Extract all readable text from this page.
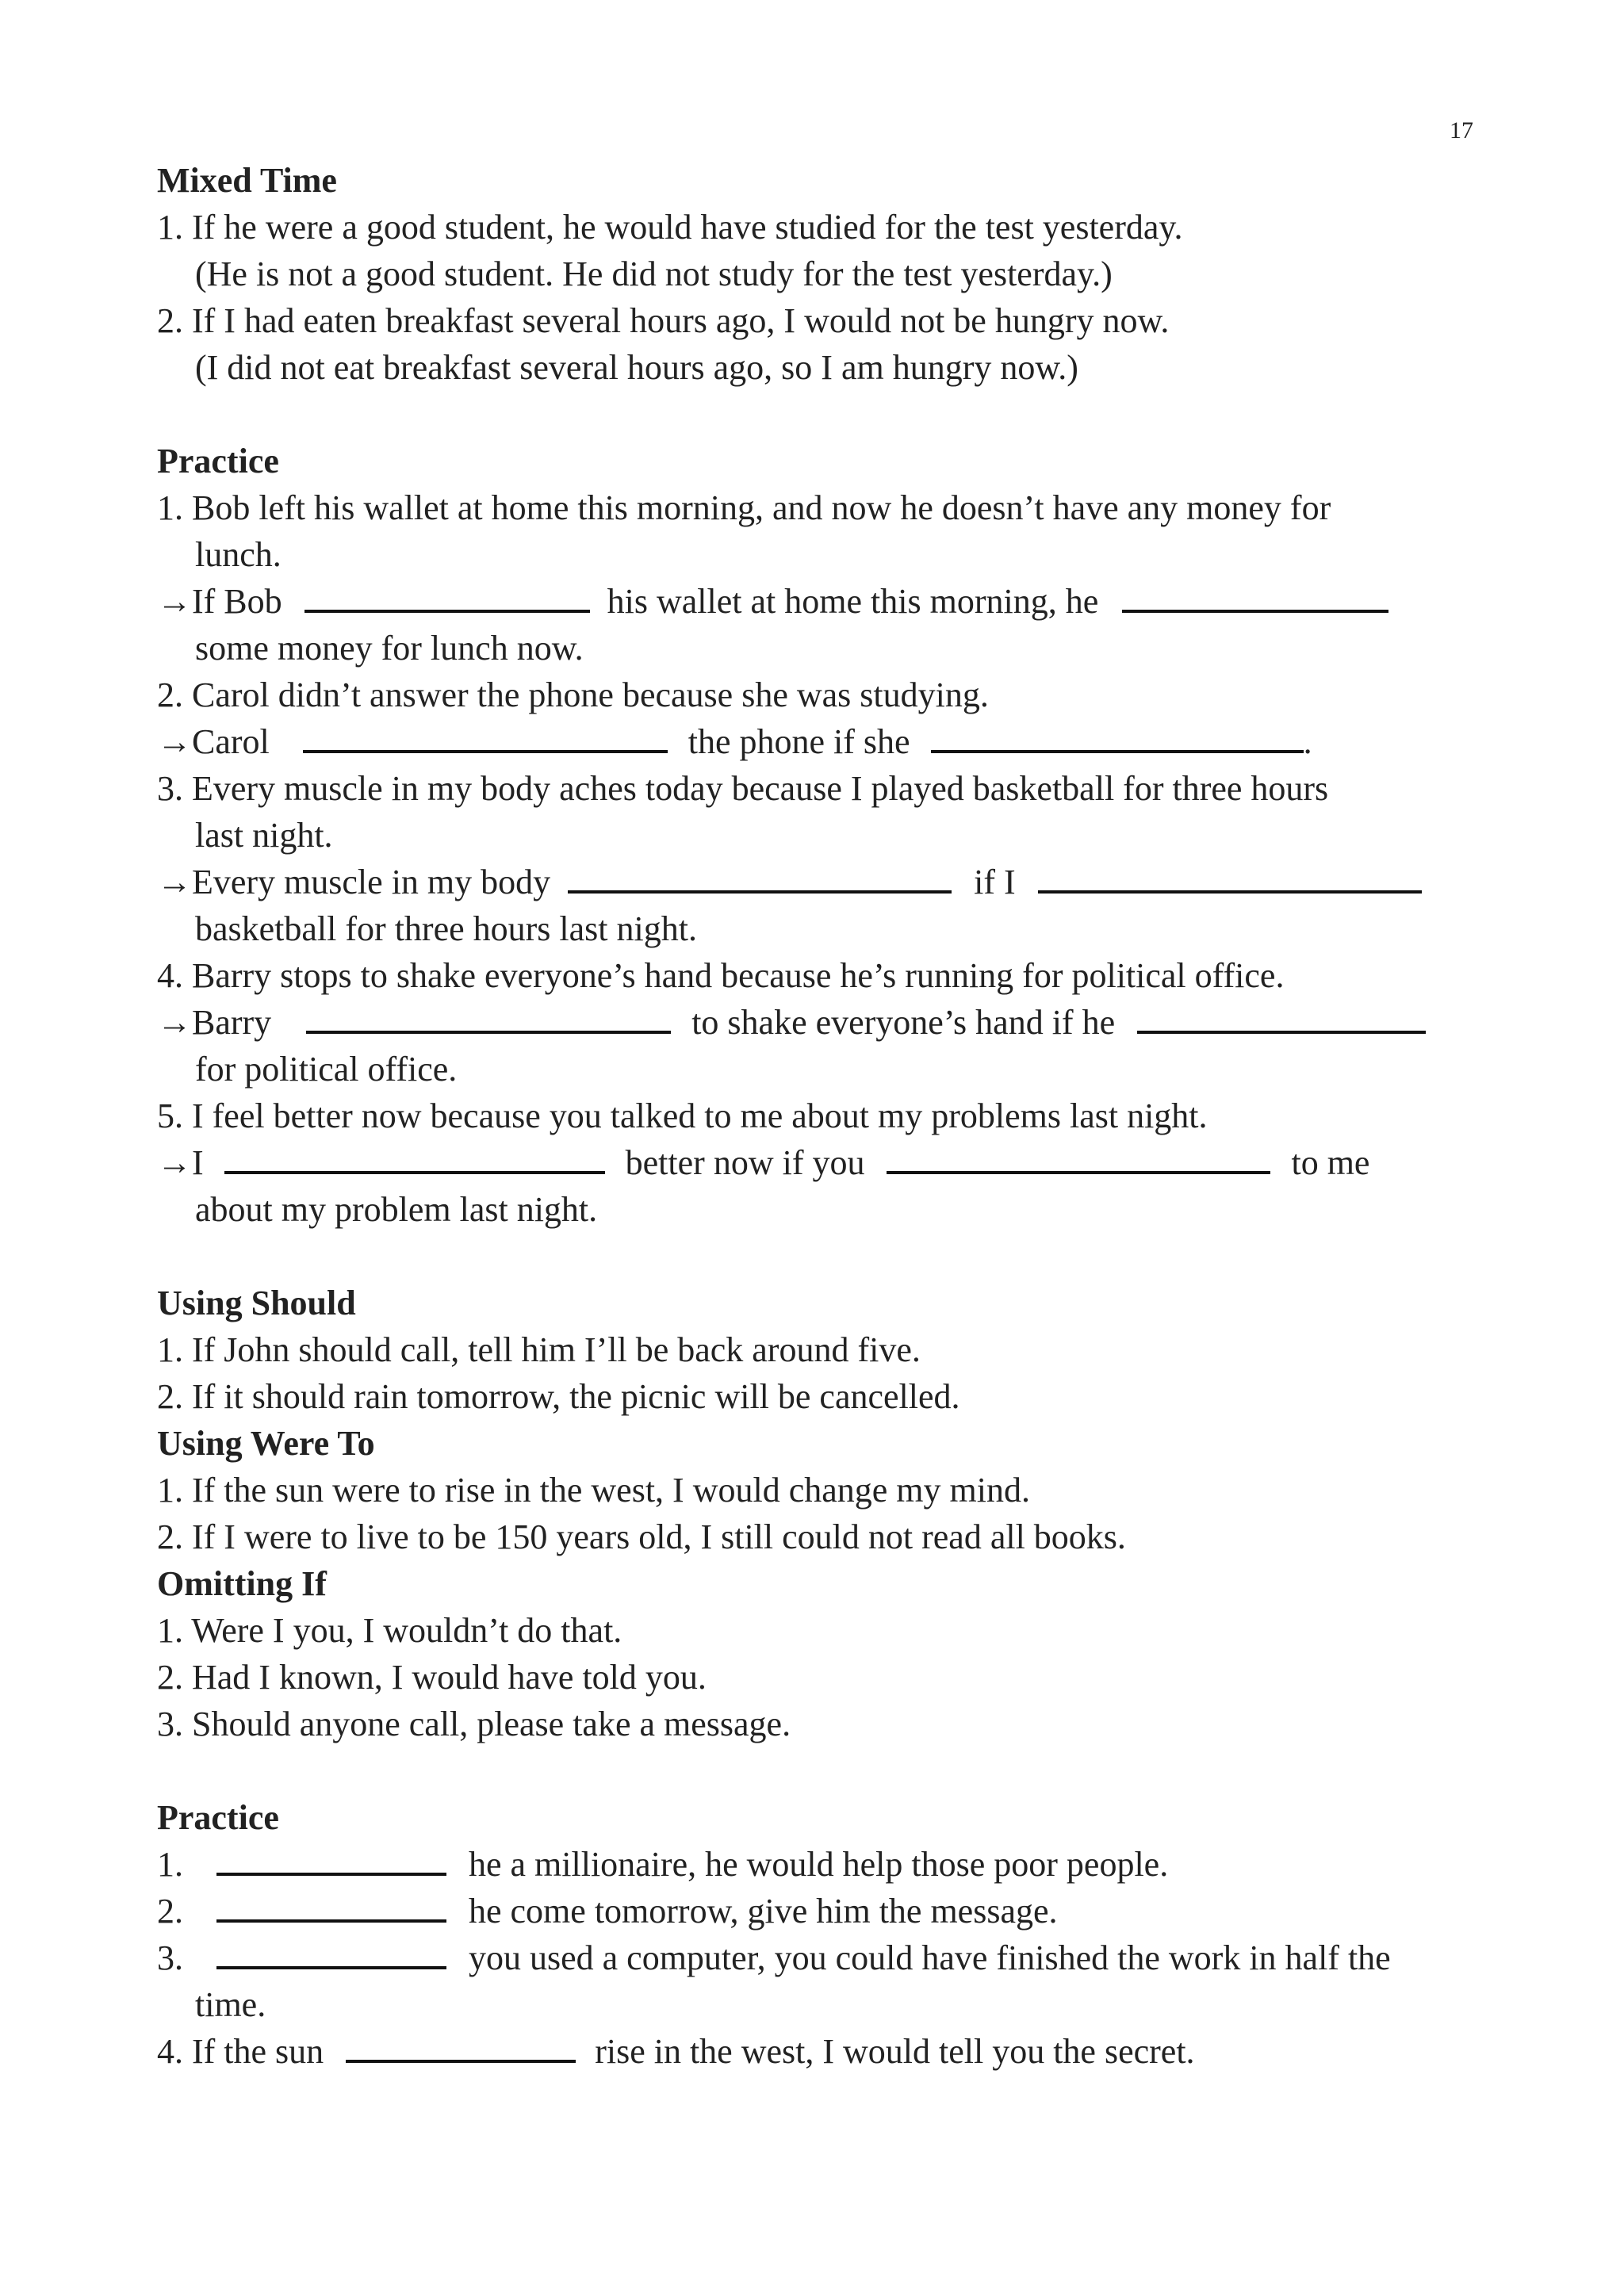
17
Mixed Time
1. If he were a good student, he would have studied for the test yesterday.
(He is not a good student. He did not study for the test yesterday.)
2. If I had eaten breakfast several hours ago, I would not be hungry now.
(I did not eat breakfast several hours ago, so I am hungry now.)
Practice
1. Bob left his wallet at home this morning, and now he doesn’t have any money for
lunch.
→If Bob	his wallet at home this morning, he
some money for lunch now.
2. Carol didn’t answer the phone because she was studying.
→Carol	the phone if she	.
3. Every muscle in my body aches today because I played basketball for three hours
last night.
→Every muscle in my body	if I
basketball for three hours last night.
4. Barry stops to shake everyone’s hand because he’s running for political office.
→Barry	to shake everyone’s hand if he
for political office.
5. I feel better now because you talked to me about my problems last night.
→I	better now if you	to me
about my problem last night.
Using Should
1. If John should call, tell him I’ll be back around five.
2. If it should rain tomorrow, the picnic will be cancelled.
Using Were To
1. If the sun were to rise in the west, I would change my mind.
2. If I were to live to be 150 years old, I still could not read all books.
Omitting If
1. Were I you, I wouldn’t do that.
2. Had I known, I would have told you.
3. Should anyone call, please take a message.
Practice
1.	he a millionaire, he would help those poor people.
2.	he come tomorrow, give him the message.
3.	you used a computer, you could have finished the work in half the
time.
4. If the sun	rise in the west, I would tell you the secret.
